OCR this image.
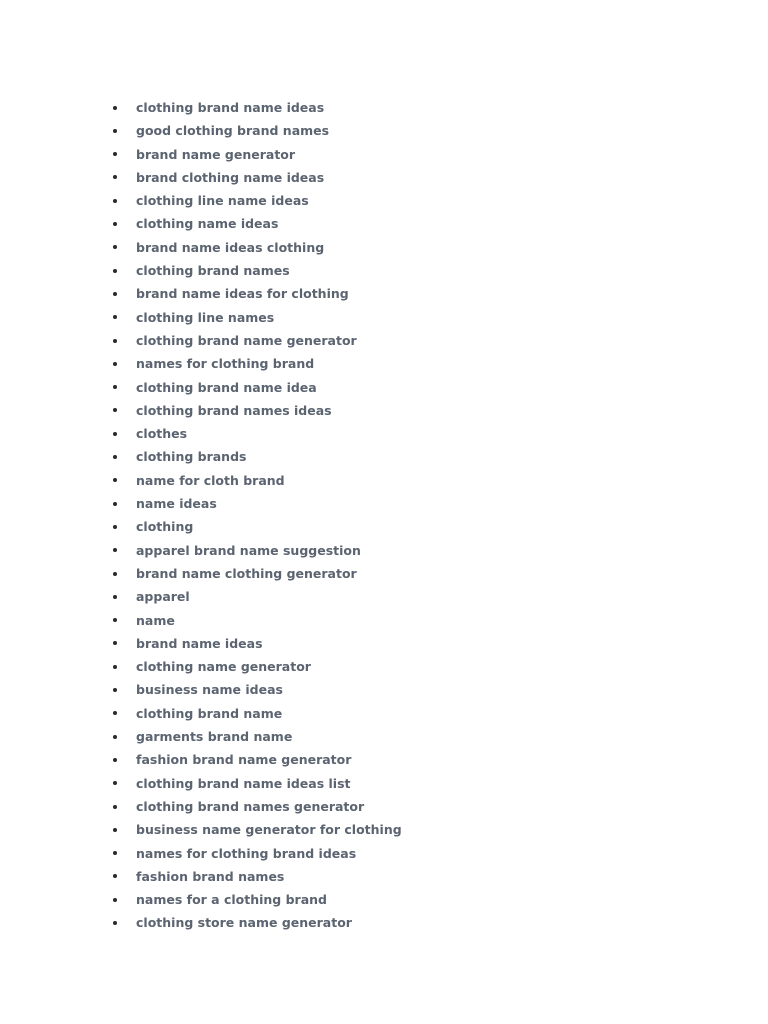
clothing brand name ideas
good clothing brand names
brand name generator
brand clothing name ideas
clothing line name ideas
clothing name ideas
brand name ideas clothing
clothing brand names
brand name ideas for clothing
clothing line names
clothing brand name generator
names for clothing brand
clothing brand name idea
clothing brand names ideas
clothes
clothing brands
name for cloth brand
name ideas
clothing
apparel brand name suggestion
brand name clothing generator
apparel
name
brand name ideas
clothing name generator
business name ideas
clothing brand name
garments brand name
fashion brand name generator
clothing brand name ideas list
clothing brand names generator
business name generator for clothing
names for clothing brand ideas
fashion brand names
names for a clothing brand
clothing store name generator
